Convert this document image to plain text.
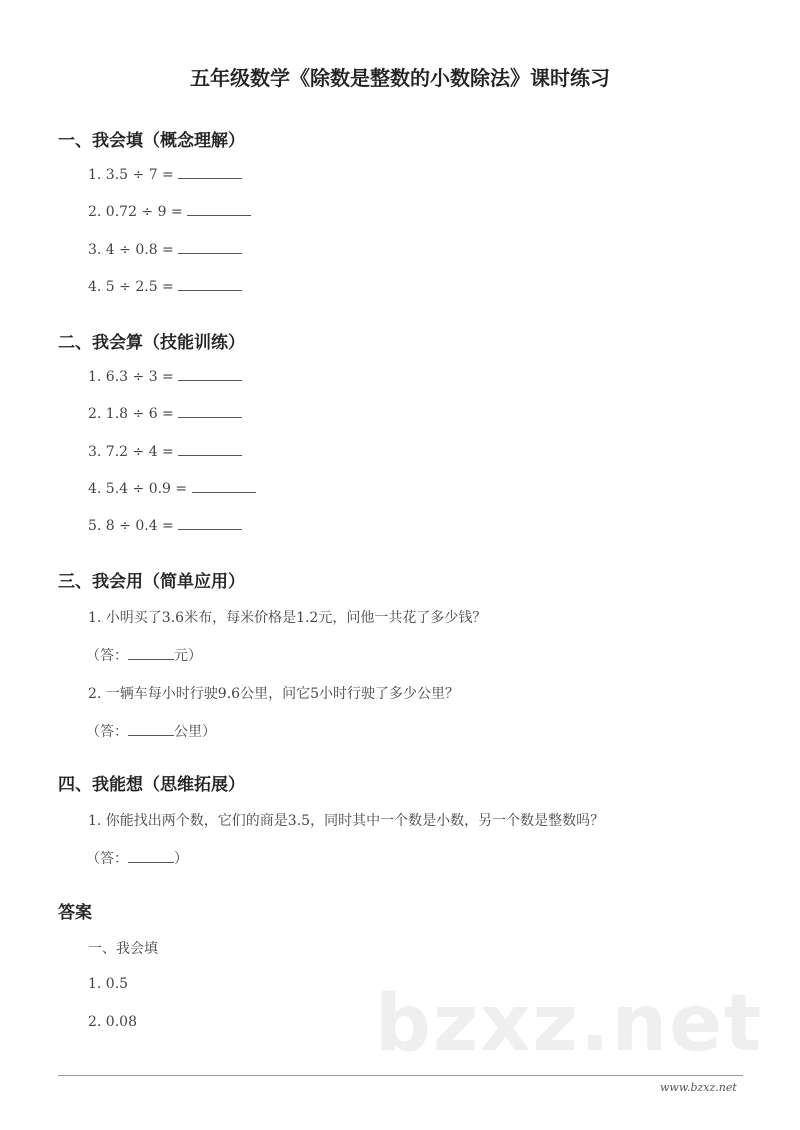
五年级数学《除数是整数的小数除法》课时练习
一、我会填（概念理解）
1. 3.5 ÷ 7 =
2. 0.72 ÷ 9 =
3. 4 ÷ 0.8 =
4. 5 ÷ 2.5 =
二、我会算（技能训练）
1. 6.3 ÷ 3 =
2. 1.8 ÷ 6 =
3. 7.2 ÷ 4 =
4. 5.4 ÷ 0.9 =
5. 8 ÷ 0.4 =
三、我会用（简单应用）
1. 小明买了3.6米布，每米价格是1.2元，问他一共花了多少钱？
（答：	元）
2. 一辆车每小时行驶9.6公里，问它5小时行驶了多少公里？
（答：	公里）
四、我能想（思维拓展）
1. 你能找出两个数，它们的商是3.5，同时其中一个数是小数，另一个数是整数吗？
（答：	）
答案
一、我会填
1. 0.5
2. 0.08	bzxz.net
www.bzxz.net
